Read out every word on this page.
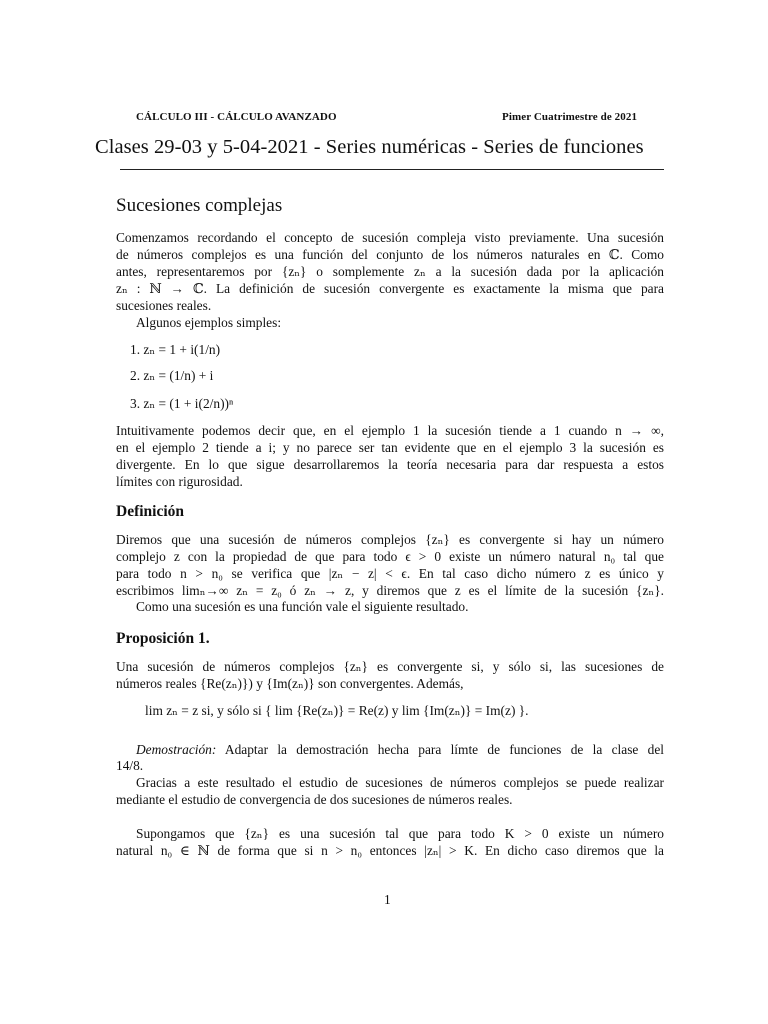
CÁLCULO III - CÁLCULO AVANZADO	Pimer Cuatrimestre de 2021
Clases 29-03 y 5-04-2021 - Series numéricas - Series de funciones
Sucesiones complejas
Comenzamos recordando el concepto de sucesión compleja visto previamente. Una sucesión
de números complejos es una función del conjunto de los números naturales en ℂ. Como
antes, representaremos por {zₙ} o somplemente zₙ a la sucesión dada por la aplicación
zₙ : ℕ → ℂ. La definición de sucesión convergente es exactamente la misma que para
sucesiones reales.
Algunos ejemplos simples:
1. zₙ = 1 + i(1/n)
2. zₙ = (1/n) + i
3. zₙ = (1 + i(2/n))ⁿ
Intuitivamente podemos decir que, en el ejemplo 1 la sucesión tiende a 1 cuando n → ∞,
en el ejemplo 2 tiende a i; y no parece ser tan evidente que en el ejemplo 3 la sucesión es
divergente. En lo que sigue desarrollaremos la teoría necesaria para dar respuesta a estos
límites con rigurosidad.
Definición
Diremos que una sucesión de números complejos {zₙ} es convergente si hay un número
complejo z con la propiedad de que para todo ϵ > 0 existe un número natural n₀ tal que
para todo n > n₀ se verifica que |zₙ − z| < ϵ. En tal caso dicho número z es único y
escribimos limₙ→∞ zₙ = z₀ ó zₙ → z, y diremos que z es el límite de la sucesión {zₙ}.
Como una sucesión es una función vale el siguiente resultado.
Proposición 1.
Una sucesión de números complejos {zₙ} es convergente si, y sólo si, las sucesiones de
números reales {Re(zₙ)}) y {Im(zₙ)} son convergentes. Además,
lim zₙ = z si, y sólo si { lim {Re(zₙ)} = Re(z) y lim {Im(zₙ)} = Im(z) }.
Demostración: Adaptar la demostración hecha para límte de funciones de la clase del
14/8.
Gracias a este resultado el estudio de sucesiones de números complejos se puede realizar
mediante el estudio de convergencia de dos sucesiones de números reales.
Supongamos que {zₙ} es una sucesión tal que para todo K > 0 existe un número
natural n₀ ∈ ℕ de forma que si n > n₀ entonces |zₙ| > K. En dicho caso diremos que la
1
